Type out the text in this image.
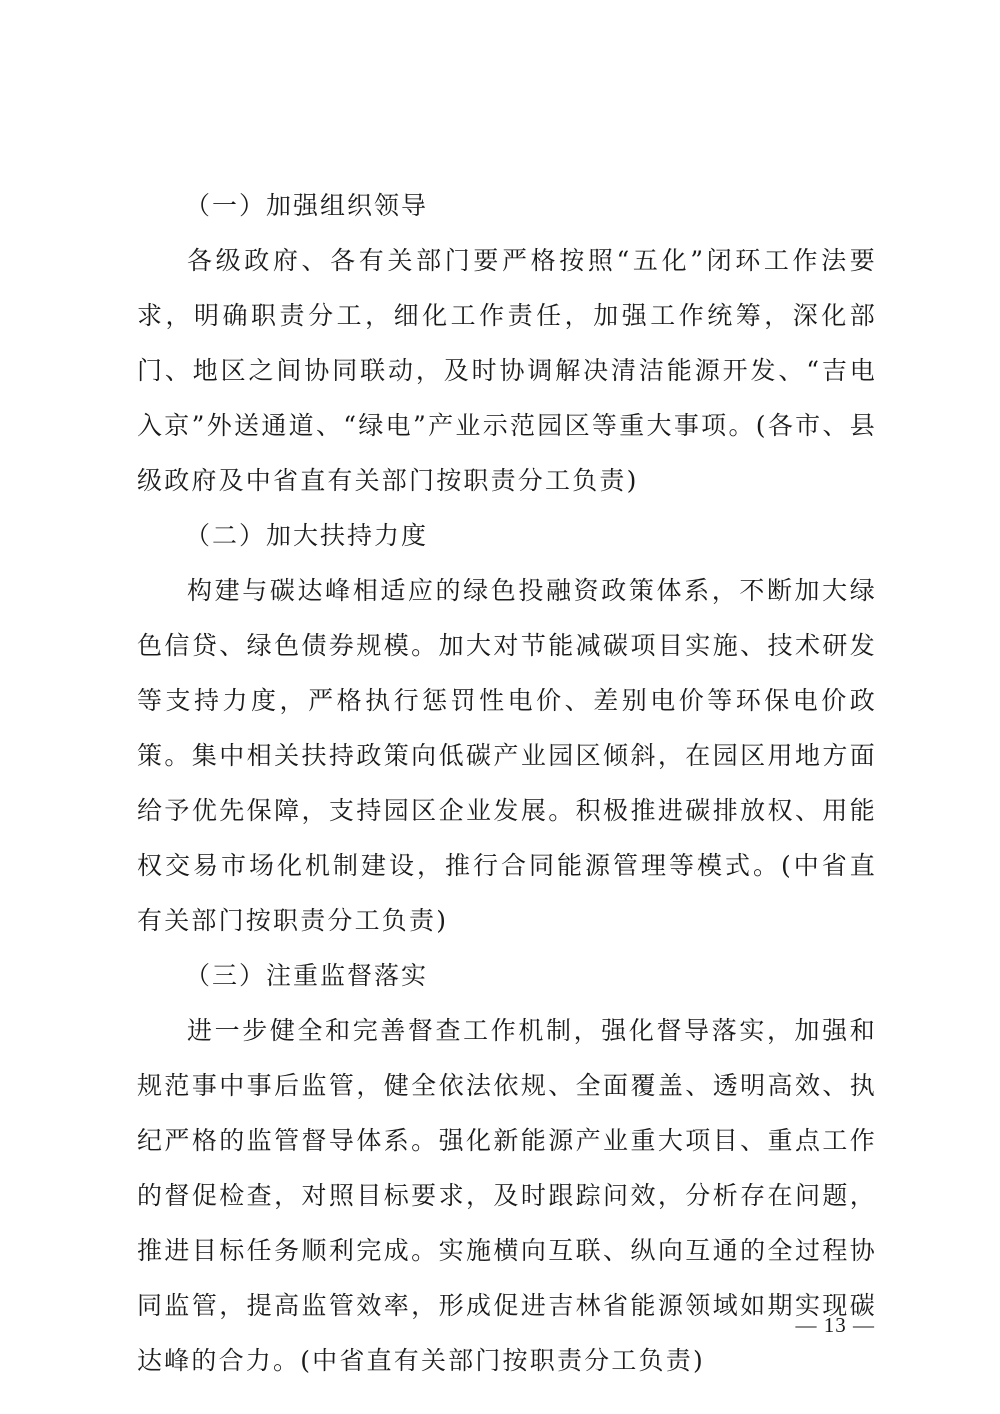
（一）加强组织领导

各级政府、各有关部门要严格按照“五化”闭环工作法要求，明确职责分工，细化工作责任，加强工作统筹，深化部门、地区之间协同联动，及时协调解决清洁能源开发、“吉电入京”外送通道、“绿电”产业示范园区等重大事项。(各市、县级政府及中省直有关部门按职责分工负责)

（二）加大扶持力度

构建与碳达峰相适应的绿色投融资政策体系，不断加大绿色信贷、绿色债券规模。加大对节能减碳项目实施、技术研发等支持力度，严格执行惩罚性电价、差别电价等环保电价政策。集中相关扶持政策向低碳产业园区倾斜，在园区用地方面给予优先保障，支持园区企业发展。积极推进碳排放权、用能权交易市场化机制建设，推行合同能源管理等模式。(中省直有关部门按职责分工负责)

（三）注重监督落实

进一步健全和完善督查工作机制，强化督导落实，加强和规范事中事后监管，健全依法依规、全面覆盖、透明高效、执纪严格的监管督导体系。强化新能源产业重大项目、重点工作的督促检查，对照目标要求，及时跟踪问效，分析存在问题，推进目标任务顺利完成。实施横向互联、纵向互通的全过程协同监管，提高监管效率，形成促进吉林省能源领域如期实现碳达峰的合力。(中省直有关部门按职责分工负责)

— 13 —
